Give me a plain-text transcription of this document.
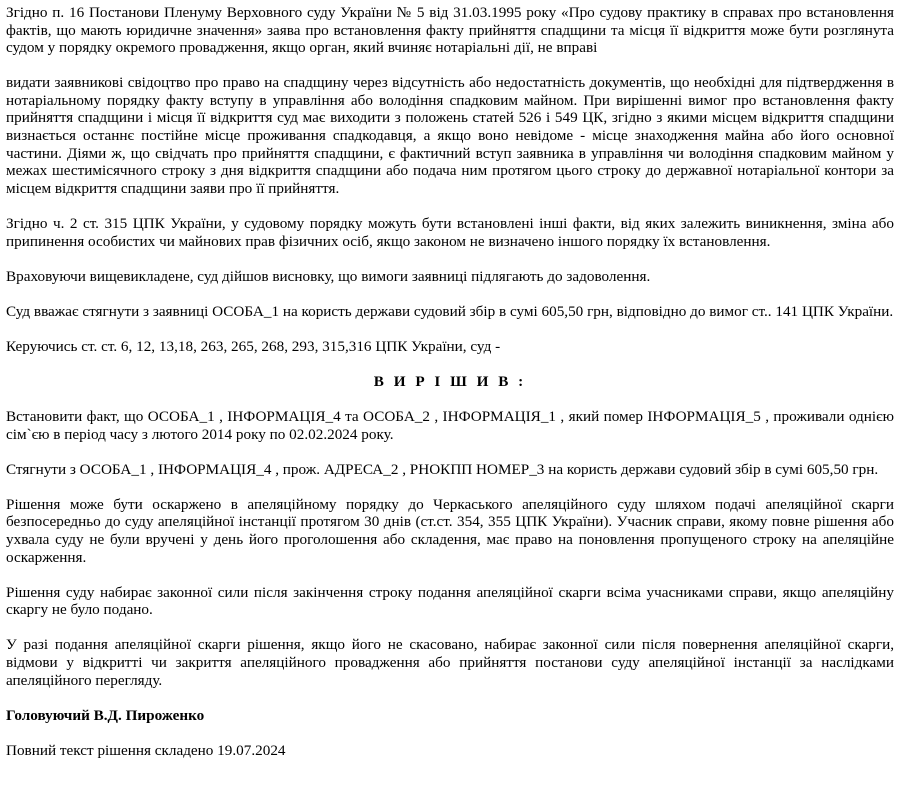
Згідно п. 16 Постанови Пленуму Верховного суду України № 5 від 31.03.1995 року «Про судову практику в справах про встановлення фактів, що мають юридичне значення» заява про встановлення факту прийняття спадщини та місця її відкриття може бути розглянута судом у порядку окремого провадження, якщо орган, який вчиняє нотаріальні дії, не вправі

видати заявникові свідоцтво про право на спадщину через відсутність або недостатність документів, що необхідні для підтвердження в нотаріальному порядку факту вступу в управління або володіння спадковим майном. При вирішенні вимог про встановлення факту прийняття спадщини і місця її відкриття суд має виходити з положень статей 526 і 549 ЦК, згідно з якими місцем відкриття спадщини визнається останнє постійне місце проживання спадкодавця, а якщо воно невідоме - місце знаходження майна або його основної частини. Діями ж, що свідчать про прийняття спадщини, є фактичний вступ заявника в управління чи володіння спадковим майном у межах шестимісячного строку з дня відкриття спадщини або подача ним протягом цього строку до державної нотаріальної контори за місцем відкриття спадщини заяви про її прийняття.

Згідно ч. 2 ст. 315 ЦПК України, у судовому порядку можуть бути встановлені інші факти, від яких залежить виникнення, зміна або припинення особистих чи майнових прав фізичних осіб, якщо законом не визначено іншого порядку їх встановлення.

Враховуючи вищевикладене, суд дійшов висновку, що вимоги заявниці підлягають до задоволення.

Суд вважає стягнути з заявниці ОСОБА_1 на користь держави судовий збір в сумі 605,50 грн, відповідно до вимог ст.. 141 ЦПК України.

Керуючись ст. ст. 6, 12, 13,18, 263, 265, 268, 293, 315,316 ЦПК України, суд -

В И Р І Ш И В :

Встановити факт, що ОСОБА_1 , ІНФОРМАЦІЯ_4 та ОСОБА_2 , ІНФОРМАЦІЯ_1 , який помер ІНФОРМАЦІЯ_5 , проживали однією сім`єю в період часу з лютого 2014 року по 02.02.2024 року.

Стягнути з ОСОБА_1 , ІНФОРМАЦІЯ_4 , прож. АДРЕСА_2 , РНОКПП НОМЕР_3 на користь держави судовий збір в сумі 605,50 грн.

Рішення може бути оскаржено в апеляційному порядку до Черкаського апеляційного суду шляхом подачі апеляційної скарги безпосередньо до суду апеляційної інстанції протягом 30 днів (ст.ст. 354, 355 ЦПК України). Учасник справи, якому повне рішення або ухвала суду не були вручені у день його проголошення або складення, має право на поновлення пропущеного строку на апеляційне оскарження.

Рішення суду набирає законної сили після закінчення строку подання апеляційної скарги всіма учасниками справи, якщо апеляційну скаргу не було подано.

У разі подання апеляційної скарги рішення, якщо його не скасовано, набирає законної сили після повернення апеляційної скарги, відмови у відкритті чи закриття апеляційного провадження або прийняття постанови суду апеляційної інстанції за наслідками апеляційного перегляду.

Головуючий В.Д. Пироженко

Повний текст рішення складено 19.07.2024
